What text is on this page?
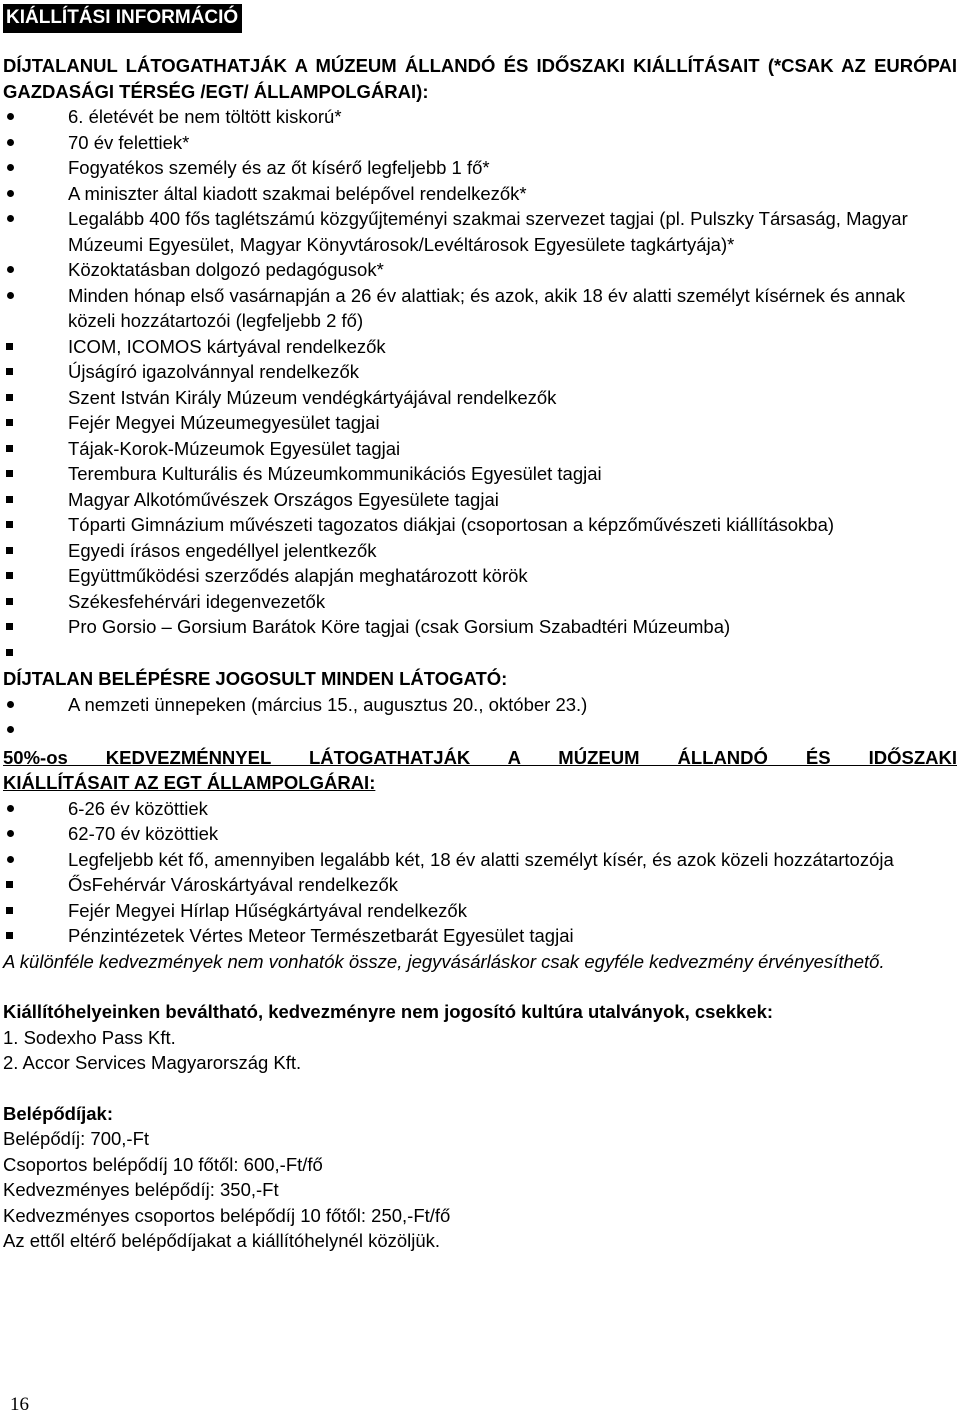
KIÁLLÍTÁSI INFORMÁCIÓ

DÍJTALANUL LÁTOGATHATJÁK A MÚZEUM ÁLLANDÓ ÉS IDŐSZAKI KIÁLLÍTÁSAIT (*CSAK AZ EURÓPAI GAZDASÁGI TÉRSÉG /EGT/ ÁLLAMPOLGÁRAI):

6. életévét be nem töltött kiskorú*
70 év felettiek*
Fogyatékos személy és az őt kísérő legfeljebb 1 fő*
A miniszter által kiadott szakmai belépővel rendelkezők*
Legalább 400 fős taglétszámú közgyűjteményi szakmai szervezet tagjai (pl. Pulszky Társaság, Magyar Múzeumi Egyesület, Magyar Könyvtárosok/Levéltárosok Egyesülete tagkártyája)*
Közoktatásban dolgozó pedagógusok*
Minden hónap első vasárnapján a 26 év alattiak; és azok, akik 18 év alatti személyt kísérnek és annak közeli hozzátartozói (legfeljebb 2 fő)
ICOM, ICOMOS kártyával rendelkezők
Újságíró igazolvánnyal rendelkezők
Szent István Király Múzeum vendégkártyájával rendelkezők
Fejér Megyei Múzeumegyesület tagjai
Tájak-Korok-Múzeumok Egyesület tagjai
Terembura Kulturális és Múzeumkommunikációs Egyesület tagjai
Magyar Alkotóművészek Országos Egyesülete tagjai
Tóparti Gimnázium művészeti tagozatos diákjai (csoportosan a képzőművészeti kiállításokba)
Egyedi írásos engedéllyel jelentkezők
Együttműködési szerződés alapján meghatározott körök
Székesfehérvári idegenvezetők
Pro Gorsio – Gorsium Barátok Köre tagjai (csak Gorsium Szabadtéri Múzeumba)

DÍJTALAN BELÉPÉSRE JOGOSULT MINDEN LÁTOGATÓ:

A nemzeti ünnepeken (március 15., augusztus 20., október 23.)

50%-os KEDVEZMÉNNYEL LÁTOGATHATJÁK A MÚZEUM ÁLLANDÓ ÉS IDŐSZAKI
KIÁLLÍTÁSAIT AZ EGT ÁLLAMPOLGÁRAI:

6-26 év közöttiek
62-70 év közöttiek
Legfeljebb két fő, amennyiben legalább két, 18 év alatti személyt kísér, és azok közeli hozzátartozója
ŐsFehérvár Városkártyával rendelkezők
Fejér Megyei Hírlap Hűségkártyával rendelkezők
Pénzintézetek Vértes Meteor Természetbarát Egyesület tagjai

A különféle kedvezmények nem vonhatók össze, jegyvásárláskor csak egyféle kedvezmény érvényesíthető.

Kiállítóhelyeinken beváltható, kedvezményre nem jogosító kultúra utalványok, csekkek:

1. Sodexho Pass Kft.

2. Accor Services Magyarország Kft.

Belépődíjak:

Belépődíj: 700,-Ft

Csoportos belépődíj 10 főtől: 600,-Ft/fő

Kedvezményes belépődíj: 350,-Ft

Kedvezményes csoportos belépődíj 10 főtől: 250,-Ft/fő

Az ettől eltérő belépődíjakat a kiállítóhelynél közöljük.

16
